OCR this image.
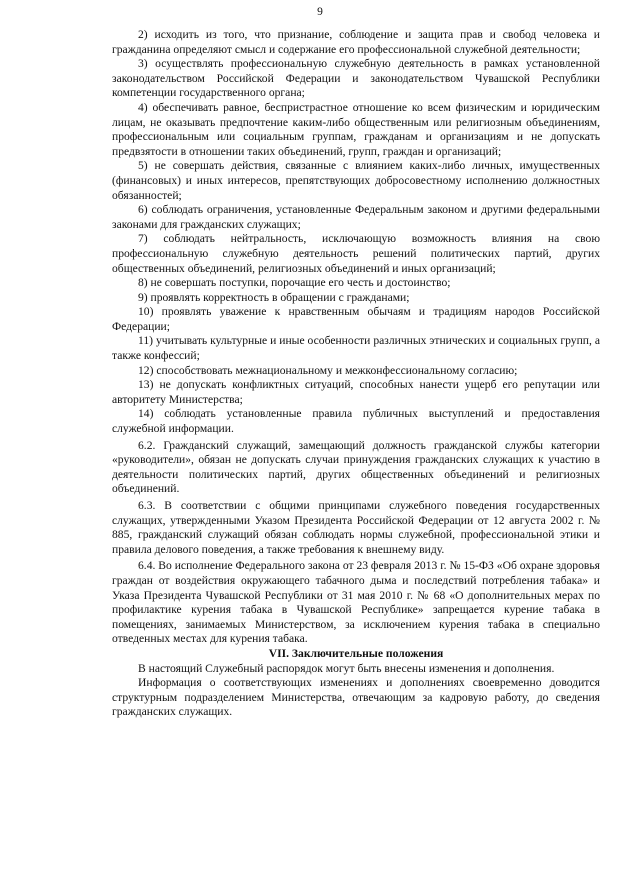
9

2) исходить из того, что признание, соблюдение и защита прав и свобод человека и гражданина определяют смысл и содержание его профессиональной служебной деятельности;

3) осуществлять профессиональную служебную деятельность в рамках установленной законодательством Российской Федерации и законодательством Чувашской Республики компетенции государственного органа;

4) обеспечивать равное, беспристрастное отношение ко всем физическим и юридическим лицам, не оказывать предпочтение каким-либо общественным или религиозным объединениям, профессиональным или социальным группам, гражданам и организациям и не допускать предвзятости в отношении таких объединений, групп, граждан и организаций;

5) не совершать действия, связанные с влиянием каких-либо личных, имущественных (финансовых) и иных интересов, препятствующих добросовестному исполнению должностных обязанностей;

6) соблюдать ограничения, установленные Федеральным законом и другими федеральными законами для гражданских служащих;

7) соблюдать нейтральность, исключающую возможность влияния на свою профессиональную служебную деятельность решений политических партий, других общественных объединений, религиозных объединений и иных организаций;

8) не совершать поступки, порочащие его честь и достоинство;

9) проявлять корректность в обращении с гражданами;

10) проявлять уважение к нравственным обычаям и традициям народов Российской Федерации;

11) учитывать культурные и иные особенности различных этнических и социальных групп, а также конфессий;

12) способствовать межнациональному и межконфессиональному согласию;

13) не допускать конфликтных ситуаций, способных нанести ущерб его репутации или авторитету Министерства;

14) соблюдать установленные правила публичных выступлений и предоставления служебной информации.

6.2. Гражданский служащий, замещающий должность гражданской службы категории «руководители», обязан не допускать случаи принуждения гражданских служащих к участию в деятельности политических партий, других общественных объединений и религиозных объединений.

6.3. В соответствии с общими принципами служебного поведения государственных служащих, утвержденными Указом Президента Российской Федерации от 12 августа 2002 г. № 885, гражданский служащий обязан соблюдать нормы служебной, профессиональной этики и правила делового поведения, а также требования к внешнему виду.

6.4. Во исполнение Федерального закона от 23 февраля 2013 г. № 15-ФЗ «Об охране здоровья граждан от воздействия окружающего табачного дыма и последствий потребления табака» и Указа Президента Чувашской Республики от 31 мая 2010 г. № 68 «О дополнительных мерах по профилактике курения табака в Чувашской Республике» запрещается курение табака в помещениях, занимаемых Министерством, за исключением курения табака в специально отведенных местах для курения табака.

VII. Заключительные положения

В настоящий Служебный распорядок могут быть внесены изменения и дополнения.

Информация о соответствующих изменениях и дополнениях своевременно доводится структурным подразделением Министерства, отвечающим за кадровую работу, до сведения гражданских служащих.
